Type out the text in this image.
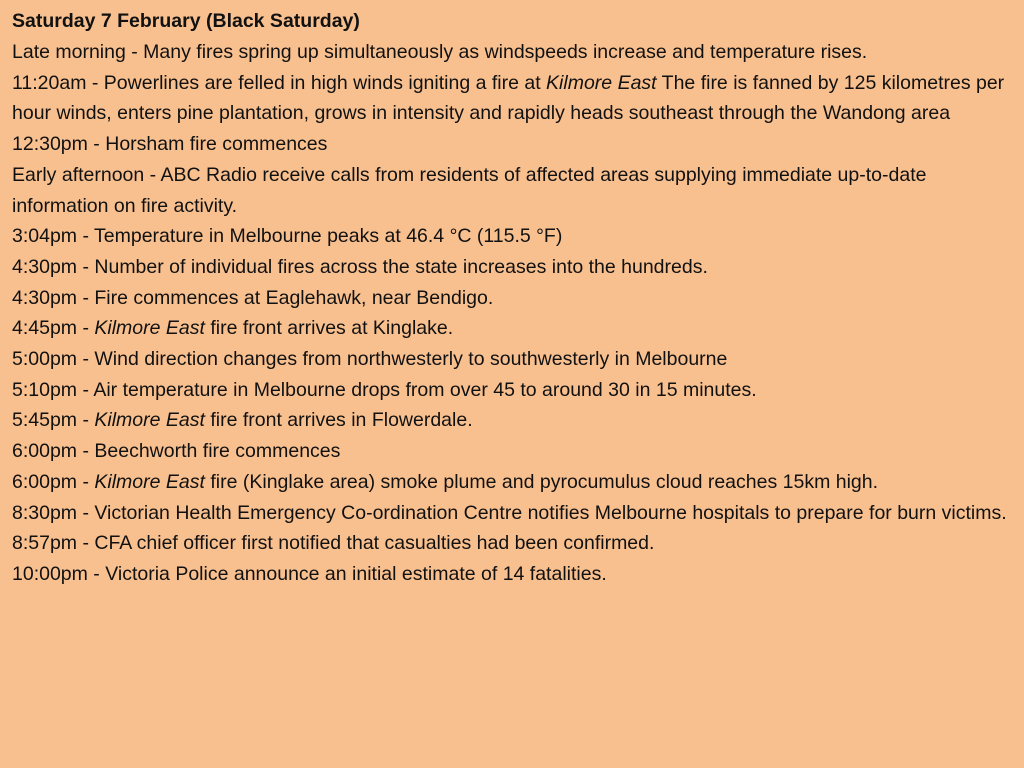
Saturday 7 February (Black Saturday)

Late morning - Many fires spring up simultaneously as windspeeds increase and temperature rises.

11:20am - Powerlines are felled in high winds igniting a fire at Kilmore East The fire is fanned by 125 kilometres per hour winds, enters pine plantation, grows in intensity and rapidly heads southeast through the Wandong area

12:30pm - Horsham fire commences

Early afternoon - ABC Radio receive calls from residents of affected areas supplying immediate up-to-date information on fire activity.

3:04pm - Temperature in Melbourne peaks at 46.4 °C (115.5 °F)

4:30pm - Number of individual fires across the state increases into the hundreds.

4:30pm - Fire commences at Eaglehawk, near Bendigo.

4:45pm - Kilmore East fire front arrives at Kinglake.

5:00pm - Wind direction changes from northwesterly to southwesterly in Melbourne

5:10pm - Air temperature in Melbourne drops from over 45 to around 30 in 15 minutes.

5:45pm - Kilmore East fire front arrives in Flowerdale.

6:00pm - Beechworth fire commences

6:00pm - Kilmore East fire (Kinglake area) smoke plume and pyrocumulus cloud reaches 15km high.

8:30pm - Victorian Health Emergency Co-ordination Centre notifies Melbourne hospitals to prepare for burn victims.

8:57pm - CFA chief officer first notified that casualties had been confirmed.

10:00pm - Victoria Police announce an initial estimate of 14 fatalities.
